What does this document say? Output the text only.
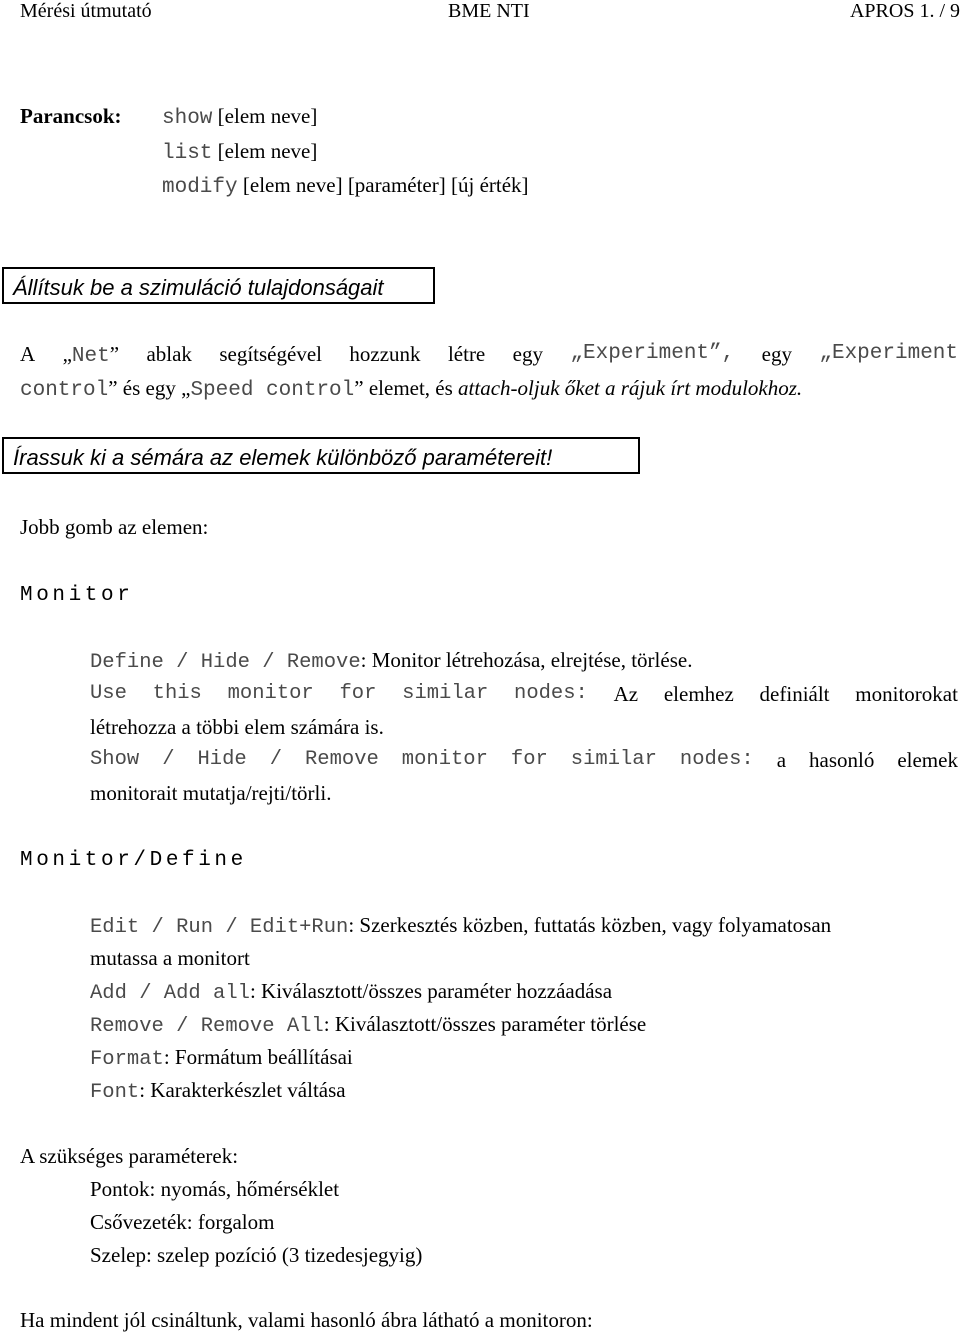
Mérési útmutató	BME NTI	APROS 1. / 9
Parancsok: show [elem neve]
list [elem neve]
modify [elem neve] [paraméter] [új érték]
Állítsuk be a szimuláció tulajdonságait
A „Net” ablak segítségével hozzunk létre egy „Experiment”, egy „Experiment
control” és egy „Speed control” elemet, és attach-oljuk őket a rájuk írt modulokhoz.
Írassuk ki a sémára az elemek különböző paramétereit!
Jobb gomb az elemen:
Monitor
Define / Hide / Remove: Monitor létrehozása, elrejtése, törlése.
Use this monitor for similar nodes: Az elemhez definiált monitorokat
létrehozza a többi elem számára is.
Show / Hide / Remove monitor for similar nodes: a hasonló elemek
monitorait mutatja/rejti/törli.
Monitor/Define
Edit / Run / Edit+Run: Szerkesztés közben, futtatás közben, vagy folyamatosan
mutassa a monitort
Add / Add all: Kiválasztott/összes paraméter hozzáadása
Remove / Remove All: Kiválasztott/összes paraméter törlése
Format: Formátum beállításai
Font: Karakterkészlet váltása
A szükséges paraméterek:
Pontok: nyomás, hőmérséklet
Csővezeték: forgalom
Szelep: szelep pozíció (3 tizedesjegyig)
Ha mindent jól csináltunk, valami hasonló ábra látható a monitoron:
